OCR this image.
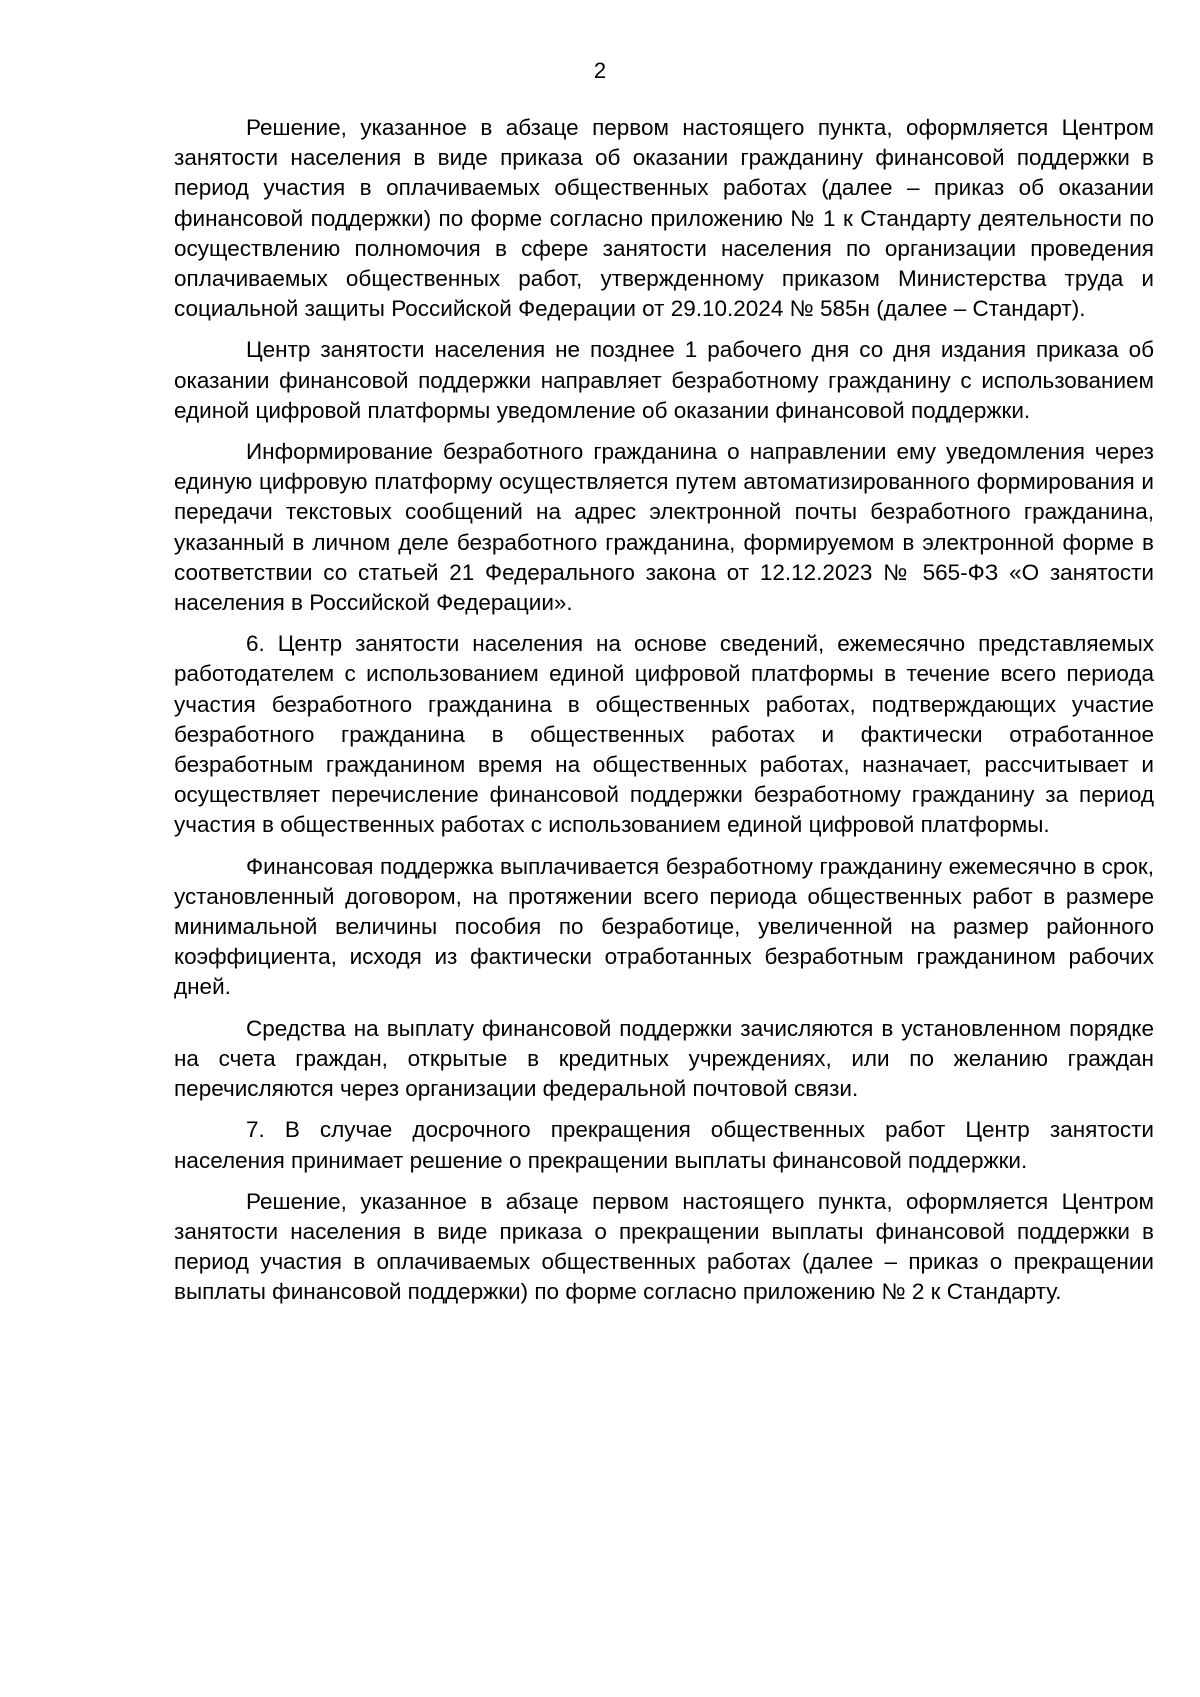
2

Решение, указанное в абзаце первом настоящего пункта, оформляется Центром занятости населения в виде приказа об оказании гражданину финансовой поддержки в период участия в оплачиваемых общественных работах (далее – приказ об оказании финансовой поддержки) по форме согласно приложению № 1 к Стандарту деятельности по осуществлению полномочия в сфере занятости населения по организации проведения оплачиваемых общественных работ, утвержденному приказом Министерства труда и социальной защиты Российской Федерации от 29.10.2024 № 585н (далее – Стандарт).

Центр занятости населения не позднее 1 рабочего дня со дня издания приказа об оказании финансовой поддержки направляет безработному гражданину с использованием единой цифровой платформы уведомление об оказании финансовой поддержки.

Информирование безработного гражданина о направлении ему уведомления через единую цифровую платформу осуществляется путем автоматизированного формирования и передачи текстовых сообщений на адрес электронной почты безработного гражданина, указанный в личном деле безработного гражданина, формируемом в электронной форме в соответствии со статьей 21 Федерального закона от 12.12.2023 № 565-ФЗ «О занятости населения в Российской Федерации».

6. Центр занятости населения на основе сведений, ежемесячно представляемых работодателем с использованием единой цифровой платформы в течение всего периода участия безработного гражданина в общественных работах, подтверждающих участие безработного гражданина в общественных работах и фактически отработанное безработным гражданином время на общественных работах, назначает, рассчитывает и осуществляет перечисление финансовой поддержки безработному гражданину за период участия в общественных работах с использованием единой цифровой платформы.

Финансовая поддержка выплачивается безработному гражданину ежемесячно в срок, установленный договором, на протяжении всего периода общественных работ в размере минимальной величины пособия по безработице, увеличенной на размер районного коэффициента, исходя из фактически отработанных безработным гражданином рабочих дней.

Средства на выплату финансовой поддержки зачисляются в установленном порядке на счета граждан, открытые в кредитных учреждениях, или по желанию граждан перечисляются через организации федеральной почтовой связи.

7. В случае досрочного прекращения общественных работ Центр занятости населения принимает решение о прекращении выплаты финансовой поддержки.

Решение, указанное в абзаце первом настоящего пункта, оформляется Центром занятости населения в виде приказа о прекращении выплаты финансовой поддержки в период участия в оплачиваемых общественных работах (далее – приказ о прекращении выплаты финансовой поддержки) по форме согласно приложению № 2 к Стандарту.
